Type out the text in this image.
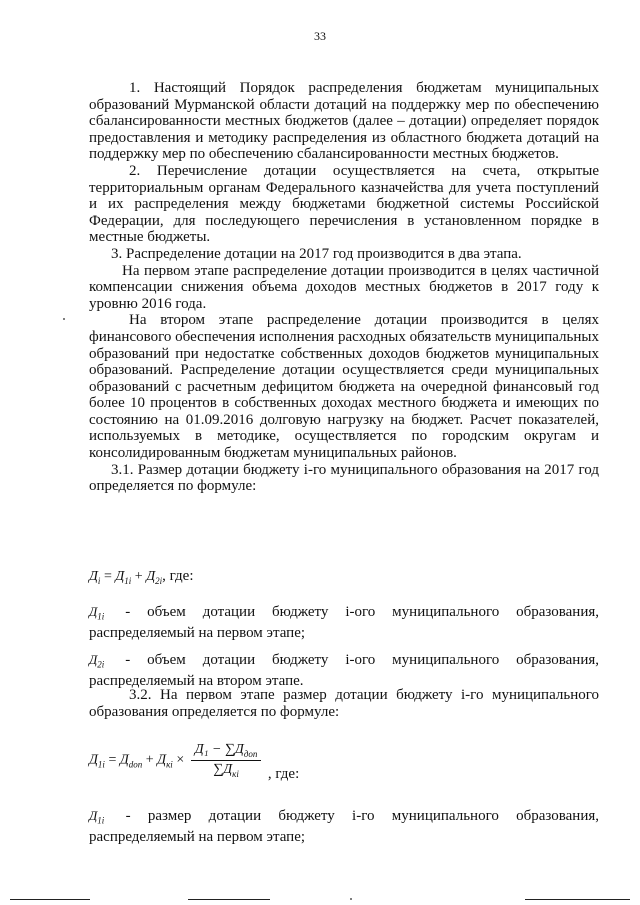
33

1. Настоящий Порядок распределения бюджетам муниципальных образований Мурманской области дотаций на поддержку мер по обеспечению сбалансированности местных бюджетов (далее – дотации) определяет порядок предоставления и методику распределения из областного бюджета дотаций на поддержку мер по обеспечению сбалансированности местных бюджетов.

2. Перечисление дотации осуществляется на счета, открытые территориальным органам Федерального казначейства для учета поступлений и их распределения между бюджетами бюджетной системы Российской Федерации, для последующего перечисления в установленном порядке в местные бюджеты.

3. Распределение дотации на 2017 год производится в два этапа.

На первом этапе распределение дотации производится в целях частичной компенсации снижения объема доходов местных бюджетов в 2017 году к уровню 2016 года.

На втором этапе распределение дотации производится в целях финансового обеспечения исполнения расходных обязательств муниципальных образований при недостатке собственных доходов бюджетов муниципальных образований. Распределение дотации осуществляется среди муниципальных образований с расчетным дефицитом бюджета на очередной финансовый год более 10 процентов в собственных доходах местного бюджета и имеющих по состоянию на 01.09.2016 долговую нагрузку на бюджет. Расчет показателей, используемых в методике, осуществляется по городским округам и консолидированным бюджетам муниципальных районов.

3.1. Размер дотации бюджету i-го муниципального образования на 2017 год определяется по формуле:

$Д_i = Д_{1i} + Д_{2i}$, где:

$Д_{1i}$ - объем дотации бюджету i-ого муниципального образования, распределяемый на первом этапе;

$Д_{2i}$ - объем дотации бюджету i-ого муниципального образования, распределяемый на втором этапе.

3.2. На первом этапе размер дотации бюджету i-го муниципального образования определяется по формуле:

$Д_{1i} = Д_{doп} + Д_{кi} \times \frac{Д_1 - \sum Д_{доп}}{\sum Д_{кi}}$ , где:

$Д_{1i}$ - размер дотации бюджету i-го муниципального образования, распределяемый на первом этапе;
